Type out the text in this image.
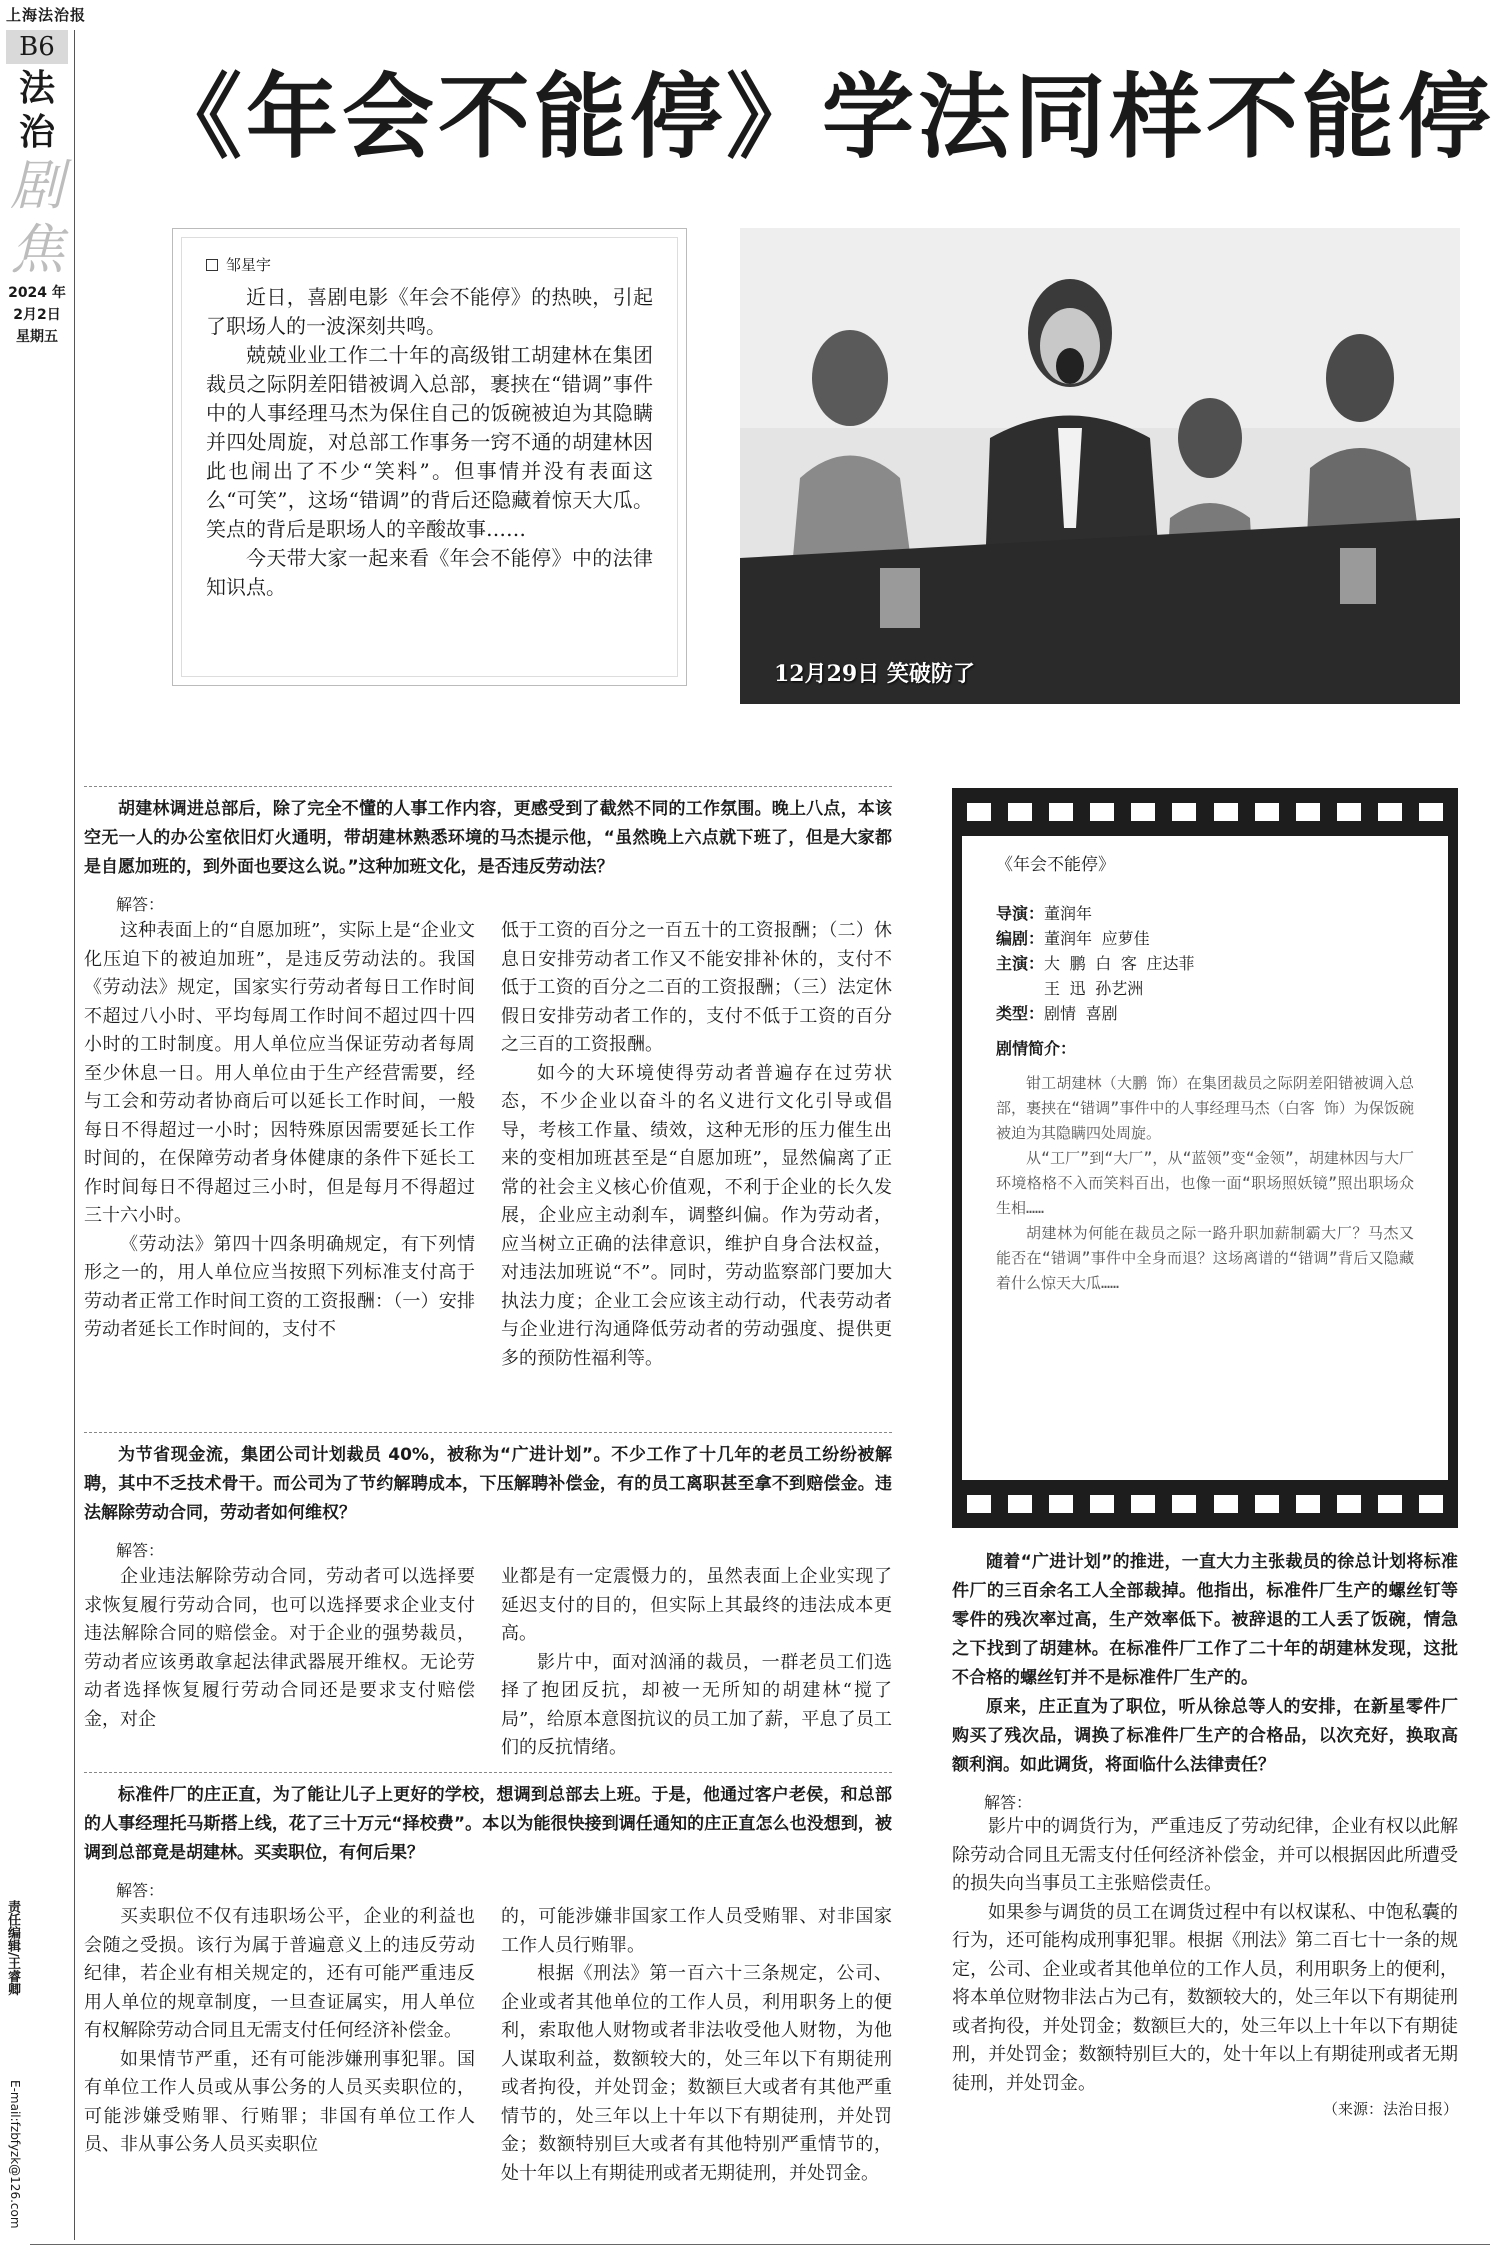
上海法治报
B6
法治
剧焦
2024 年
2月2日
星期五
责任编辑/王睿卿
E-mail:fzbfyzk@126.com
《年会不能停》学法同样不能停
邹星宇

近日，喜剧电影《年会不能停》的热映，引起了职场人的一波深刻共鸣。

兢兢业业工作二十年的高级钳工胡建林在集团裁员之际阴差阳错被调入总部，裹挟在“错调”事件中的人事经理马杰为保住自己的饭碗被迫为其隐瞒并四处周旋，对总部工作事务一窍不通的胡建林因此也闹出了不少“笑料”。但事情并没有表面这么“可笑”，这场“错调”的背后还隐藏着惊天大瓜。笑点的背后是职场人的辛酸故事……

今天带大家一起来看《年会不能停》中的法律知识点。

12月29日 笑破防了

胡建林调进总部后，除了完全不懂的人事工作内容，更感受到了截然不同的工作氛围。晚上八点，本该空无一人的办公室依旧灯火通明，带胡建林熟悉环境的马杰提示他，“虽然晚上六点就下班了，但是大家都是自愿加班的，到外面也要这么说。”这种加班文化，是否违反劳动法？

解答：

这种表面上的“自愿加班”，实际上是“企业文化压迫下的被迫加班”，是违反劳动法的。我国《劳动法》规定，国家实行劳动者每日工作时间不超过八小时、平均每周工作时间不超过四十四小时的工时制度。用人单位应当保证劳动者每周至少休息一日。用人单位由于生产经营需要，经与工会和劳动者协商后可以延长工作时间，一般每日不得超过一小时；因特殊原因需要延长工作时间的，在保障劳动者身体健康的条件下延长工作时间每日不得超过三小时，但是每月不得超过三十六小时。

《劳动法》第四十四条明确规定，有下列情形之一的，用人单位应当按照下列标准支付高于劳动者正常工作时间工资的工资报酬：（一）安排劳动者延长工作时间的，支付不

低于工资的百分之一百五十的工资报酬；（二）休息日安排劳动者工作又不能安排补休的，支付不低于工资的百分之二百的工资报酬；（三）法定休假日安排劳动者工作的，支付不低于工资的百分之三百的工资报酬。

如今的大环境使得劳动者普遍存在过劳状态，不少企业以奋斗的名义进行文化引导或倡导，考核工作量、绩效，这种无形的压力催生出来的变相加班甚至是“自愿加班”，显然偏离了正常的社会主义核心价值观，不利于企业的长久发展，企业应主动刹车，调整纠偏。作为劳动者，应当树立正确的法律意识，维护自身合法权益，对违法加班说“不”。同时，劳动监察部门要加大执法力度；企业工会应该主动行动，代表劳动者与企业进行沟通降低劳动者的劳动强度、提供更多的预防性福利等。

为节省现金流，集团公司计划裁员 40%，被称为“广进计划”。不少工作了十几年的老员工纷纷被解聘，其中不乏技术骨干。而公司为了节约解聘成本，下压解聘补偿金，有的员工离职甚至拿不到赔偿金。违法解除劳动合同，劳动者如何维权？

解答：

企业违法解除劳动合同，劳动者可以选择要求恢复履行劳动合同，也可以选择要求企业支付违法解除合同的赔偿金。对于企业的强势裁员，劳动者应该勇敢拿起法律武器展开维权。无论劳动者选择恢复履行劳动合同还是要求支付赔偿金，对企

业都是有一定震慑力的，虽然表面上企业实现了延迟支付的目的，但实际上其最终的违法成本更高。

影片中，面对汹涌的裁员，一群老员工们选择了抱团反抗，却被一无所知的胡建林“搅了局”，给原本意图抗议的员工加了薪，平息了员工们的反抗情绪。

标准件厂的庄正直，为了能让儿子上更好的学校，想调到总部去上班。于是，他通过客户老侯，和总部的人事经理托马斯搭上线，花了三十万元“择校费”。本以为能很快接到调任通知的庄正直怎么也没想到，被调到总部竟是胡建林。买卖职位，有何后果？

解答：

买卖职位不仅有违职场公平，企业的利益也会随之受损。该行为属于普遍意义上的违反劳动纪律，若企业有相关规定的，还有可能严重违反用人单位的规章制度，一旦查证属实，用人单位有权解除劳动合同且无需支付任何经济补偿金。

如果情节严重，还有可能涉嫌刑事犯罪。国有单位工作人员或从事公务的人员买卖职位的，可能涉嫌受贿罪、行贿罪；非国有单位工作人员、非从事公务人员买卖职位

的，可能涉嫌非国家工作人员受贿罪、对非国家工作人员行贿罪。

根据《刑法》第一百六十三条规定，公司、企业或者其他单位的工作人员，利用职务上的便利，索取他人财物或者非法收受他人财物，为他人谋取利益，数额较大的，处三年以下有期徒刑或者拘役，并处罚金；数额巨大或者有其他严重情节的，处三年以上十年以下有期徒刑，并处罚金；数额特别巨大或者有其他特别严重情节的，处十年以上有期徒刑或者无期徒刑，并处罚金。

《年会不能停》
导演：董润年
编剧：董润年 应萝佳
主演：大 鹏 白 客 庄达菲
王 迅 孙艺洲
类型：剧情 喜剧
剧情简介：

钳工胡建林（大鹏 饰）在集团裁员之际阴差阳错被调入总部，裹挟在“错调”事件中的人事经理马杰（白客 饰）为保饭碗被迫为其隐瞒四处周旋。

从“工厂”到“大厂”，从“蓝领”变“金领”，胡建林因与大厂环境格格不入而笑料百出，也像一面“职场照妖镜”照出职场众生相……

胡建林为何能在裁员之际一路升职加薪制霸大厂？马杰又能否在“错调”事件中全身而退？这场离谱的“错调”背后又隐藏着什么惊天大瓜……

随着“广进计划”的推进，一直大力主张裁员的徐总计划将标准件厂的三百余名工人全部裁掉。他指出，标准件厂生产的螺丝钉等零件的残次率过高，生产效率低下。被辞退的工人丢了饭碗，情急之下找到了胡建林。在标准件厂工作了二十年的胡建林发现，这批不合格的螺丝钉并不是标准件厂生产的。

原来，庄正直为了职位，听从徐总等人的安排，在新星零件厂购买了残次品，调换了标准件厂生产的合格品，以次充好，换取高额利润。如此调货，将面临什么法律责任？

解答：

影片中的调货行为，严重违反了劳动纪律，企业有权以此解除劳动合同且无需支付任何经济补偿金，并可以根据因此所遭受的损失向当事员工主张赔偿责任。

如果参与调货的员工在调货过程中有以权谋私、中饱私囊的行为，还可能构成刑事犯罪。根据《刑法》第二百七十一条的规定，公司、企业或者其他单位的工作人员，利用职务上的便利，将本单位财物非法占为己有，数额较大的，处三年以下有期徒刑或者拘役，并处罚金；数额巨大的，处三年以上十年以下有期徒刑，并处罚金；数额特别巨大的，处十年以上有期徒刑或者无期徒刑，并处罚金。

（来源：法治日报）
